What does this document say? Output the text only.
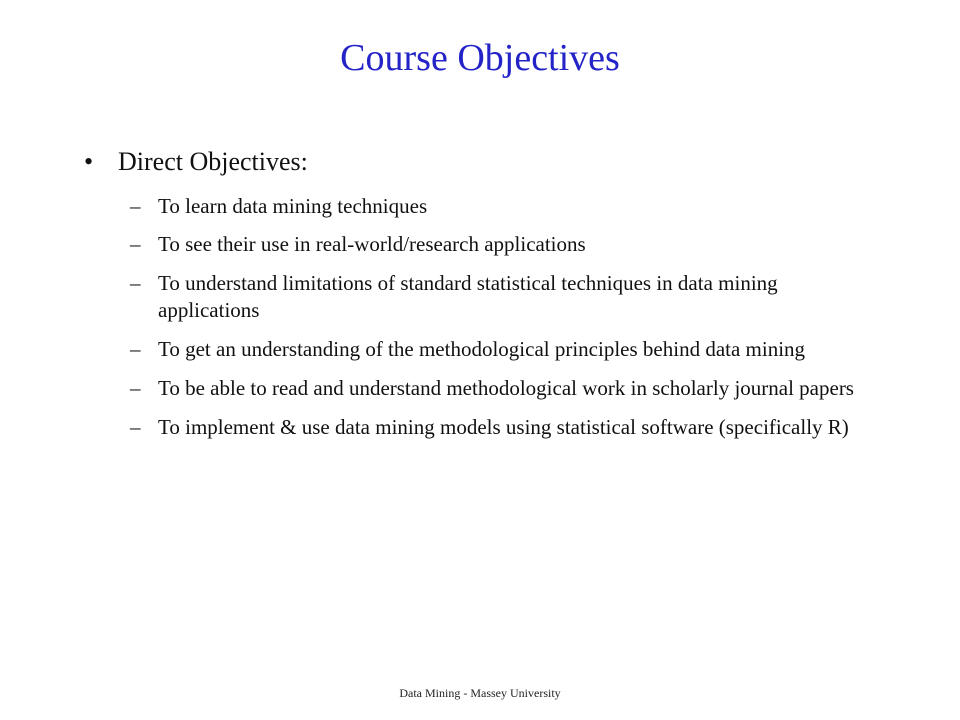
Course Objectives
• Direct Objectives:
– To learn data mining techniques
– To see their use in real-world/research applications
– To understand limitations of standard statistical techniques in data mining applications
– To get an understanding of the methodological principles behind data mining
– To be able to read and understand methodological work in scholarly journal papers
– To implement & use data mining models using statistical software (specifically R)
Data Mining - Massey University
